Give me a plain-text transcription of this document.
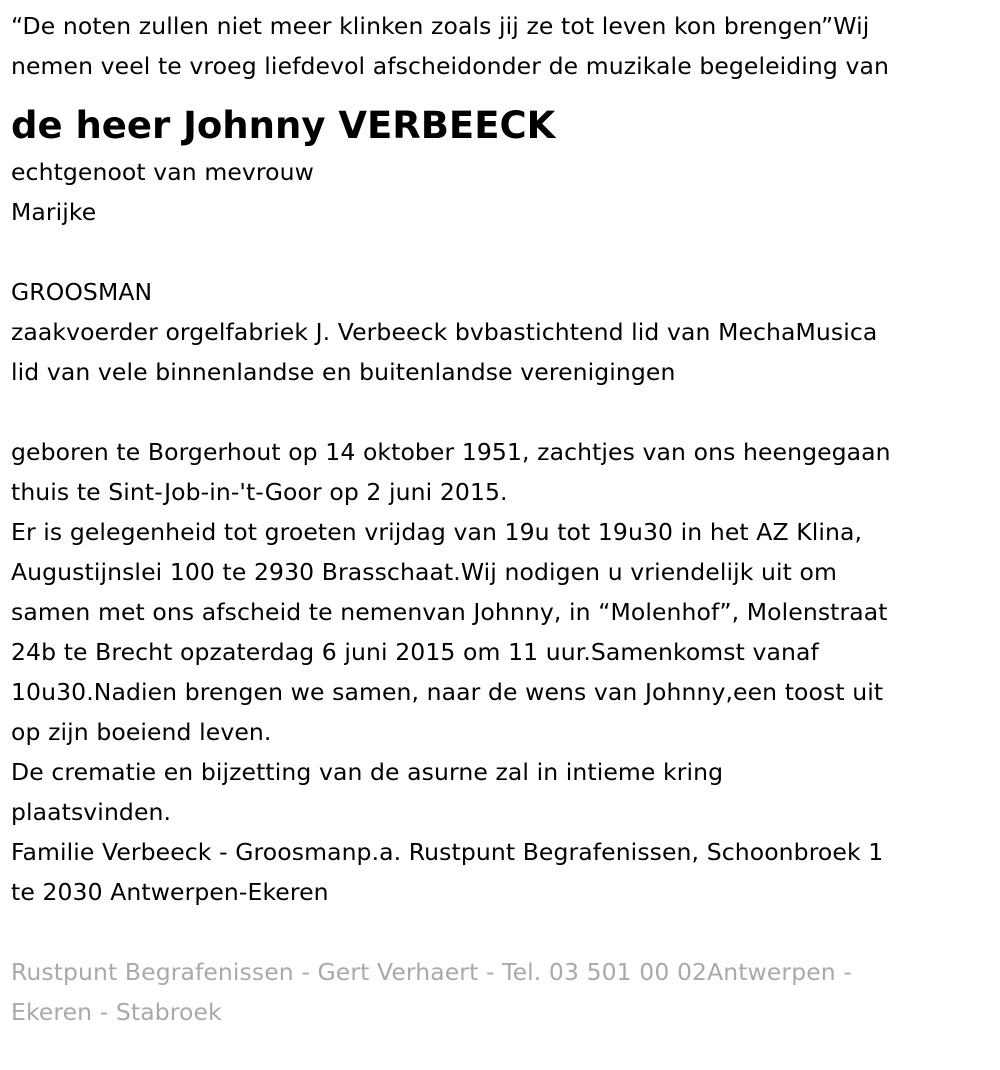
“De noten zullen niet meer klinken zoals jij ze tot leven kon brengen”Wij
nemen veel te vroeg liefdevol afscheidonder de muzikale begeleiding van
de heer Johnny VERBEECK
echtgenoot van mevrouw
Marijke
GROOSMAN
zaakvoerder orgelfabriek J. Verbeeck bvbastichtend lid van MechaMusica
lid van vele binnenlandse en buitenlandse verenigingen
geboren te Borgerhout op 14 oktober 1951, zachtjes van ons heengegaan
thuis te Sint-Job-in-'t-Goor op 2 juni 2015.
Er is gelegenheid tot groeten vrijdag van 19u tot 19u30 in het AZ Klina,
Augustijnslei 100 te 2930 Brasschaat.Wij nodigen u vriendelijk uit om
samen met ons afscheid te nemenvan Johnny, in “Molenhof”, Molenstraat
24b te Brecht opzaterdag 6 juni 2015 om 11 uur.Samenkomst vanaf
10u30.Nadien brengen we samen, naar de wens van Johnny,een toost uit
op zijn boeiend leven.
De crematie en bijzetting van de asurne zal in intieme kring
plaatsvinden.
Familie Verbeeck - Groosmanp.a. Rustpunt Begrafenissen, Schoonbroek 1
te 2030 Antwerpen-Ekeren
Rustpunt Begrafenissen - Gert Verhaert - Tel. 03 501 00 02Antwerpen -
Ekeren - Stabroek
